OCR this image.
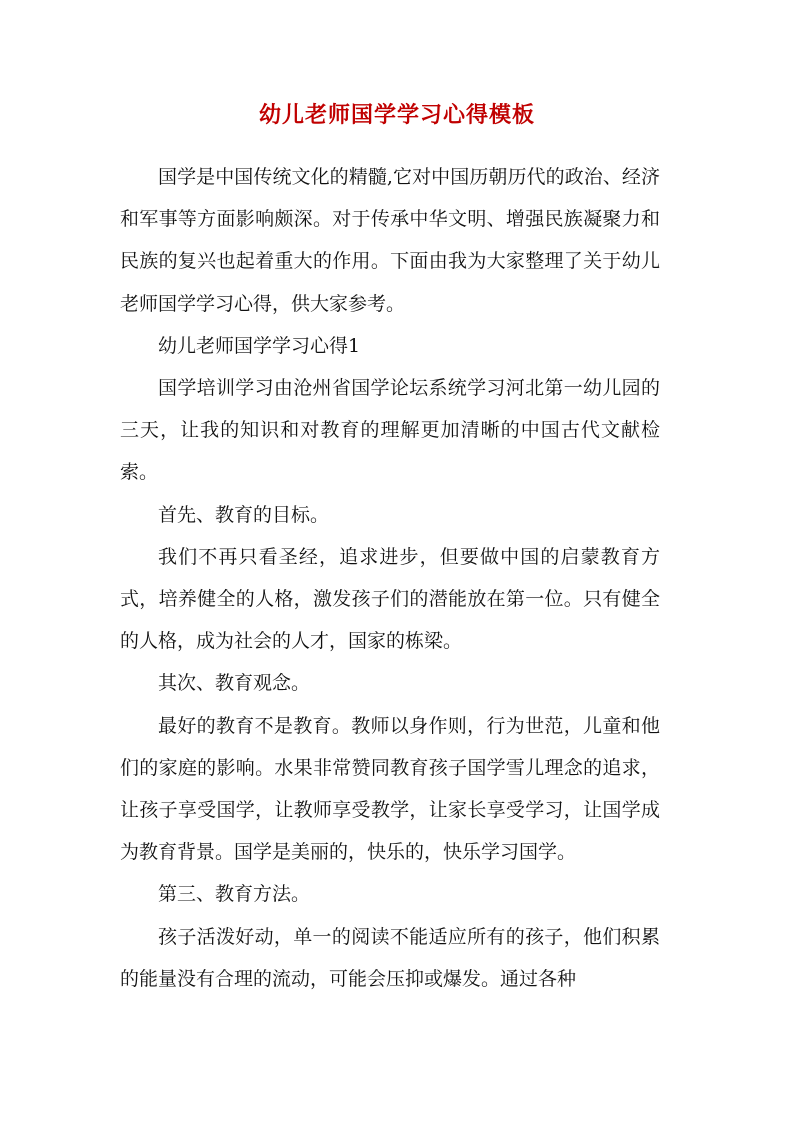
幼儿老师国学学习心得模板

国学是中国传统文化的精髓,它对中国历朝历代的政治、经济和军事等方面影响颇深。对于传承中华文明、增强民族凝聚力和民族的复兴也起着重大的作用。下面由我为大家整理了关于幼儿老师国学学习心得，供大家参考。

幼儿老师国学学习心得1

国学培训学习由沧州省国学论坛系统学习河北第一幼儿园的三天，让我的知识和对教育的理解更加清晰的中国古代文献检索。

首先、教育的目标。

我们不再只看圣经，追求进步，但要做中国的启蒙教育方式，培养健全的人格，激发孩子们的潜能放在第一位。只有健全的人格，成为社会的人才，国家的栋梁。

其次、教育观念。

最好的教育不是教育。教师以身作则，行为世范，儿童和他们的家庭的影响。水果非常赞同教育孩子国学雪儿理念的追求，让孩子享受国学，让教师享受教学，让家长享受学习，让国学成为教育背景。国学是美丽的，快乐的，快乐学习国学。

第三、教育方法。

孩子活泼好动，单一的阅读不能适应所有的孩子，他们积累的能量没有合理的流动，可能会压抑或爆发。通过各种
